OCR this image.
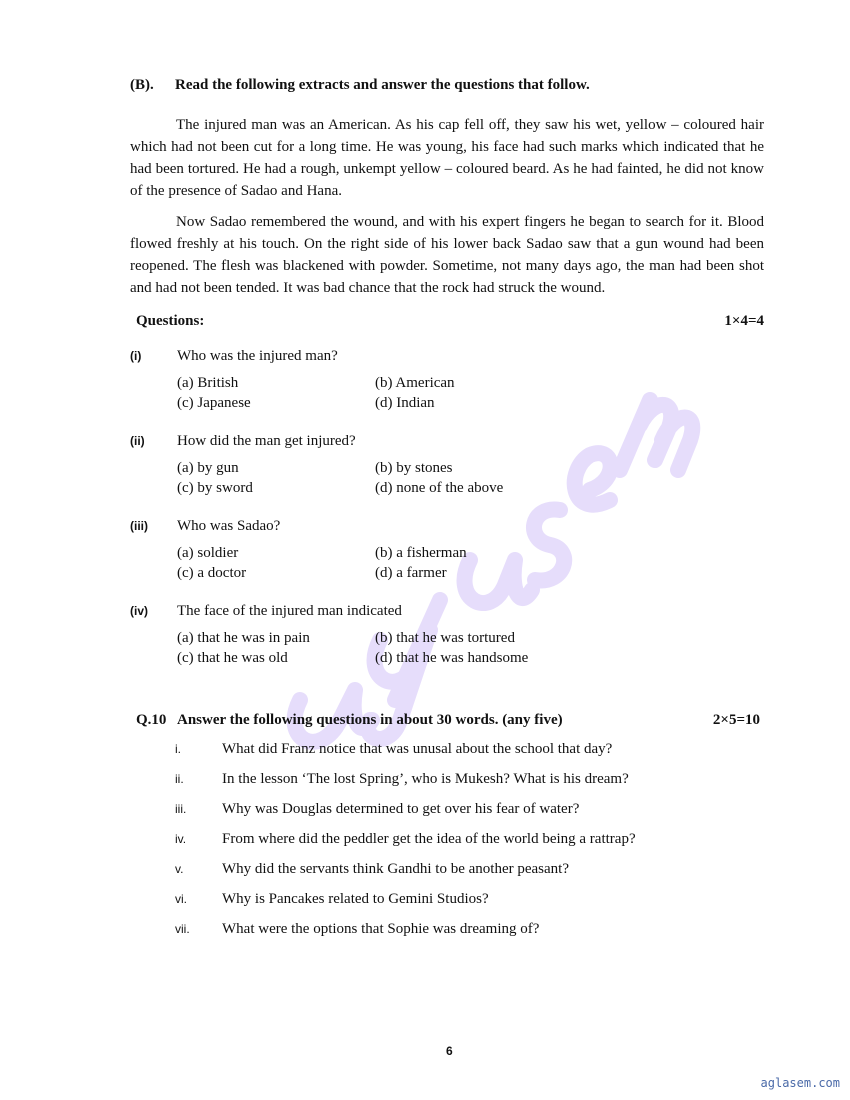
(B).	Read the following extracts and answer the questions that follow.

The injured man was an American. As his cap fell off, they saw his wet, yellow – coloured hair which had not been cut for a long time. He was young, his face had such marks which indicated that he had been tortured. He had a rough, unkempt yellow – coloured beard. As he had fainted, he did not know of the presence of Sadao and Hana.

Now Sadao remembered the wound, and with his expert fingers he began to search for it. Blood flowed freshly at his touch. On the right side of his lower back Sadao saw that a gun wound had been reopened. The flesh was blackened with powder. Sometime, not many days ago, the man had been shot and had not been tended. It was bad chance that the rock had struck the wound.

Questions:	1×4=4
(i)	Who was the injured man?
(a) British	(b) American
(c) Japanese	(d) Indian
(ii)	How did the man get injured?
(a) by gun	(b) by stones
(c) by sword	(d) none of the above
(iii)	Who was Sadao?
(a) soldier	(b) a fisherman
(c) a doctor	(d) a farmer
(iv)	The face of the injured man indicated
(a) that he was in pain	(b) that he was tortured
(c) that he was old	(d) that he was handsome
Q.10 Answer the following questions in about 30 words. (any five)	2×5=10
i.	What did Franz notice that was unusal about the school that day?
ii.	In the lesson ‘The lost Spring’, who is Mukesh? What is his dream?
iii.	Why was Douglas determined to get over his fear of water?
iv.	From where did the peddler get the idea of the world being a rattrap?
v.	Why did the servants think Gandhi to be another peasant?
vi.	Why is Pancakes related to Gemini Studios?
vii.	What were the options that Sophie was dreaming of?
6
aglasem.com
